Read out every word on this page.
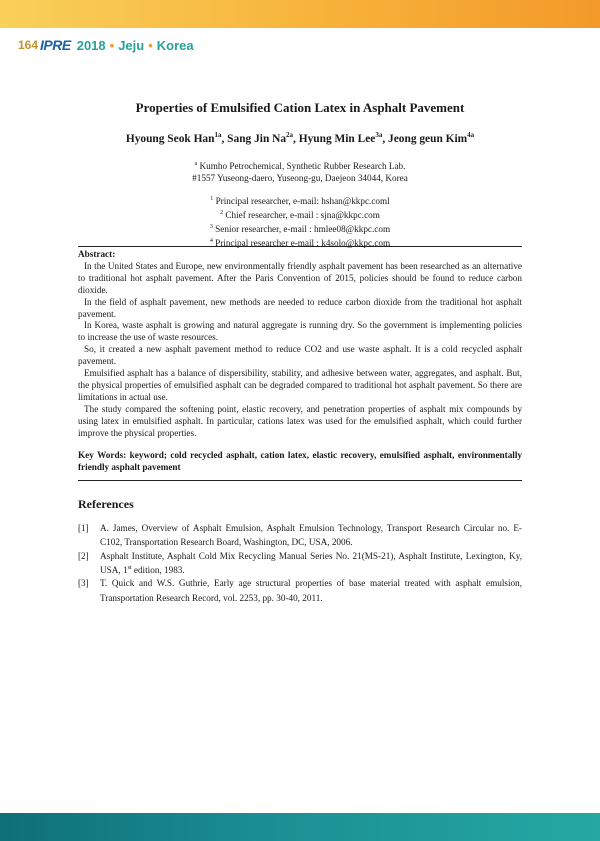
164 IPRE 2018 • Jeju • Korea
Properties of Emulsified Cation Latex in Asphalt Pavement
Hyoung Seok Han$^{1a}$, Sang Jin $Na^{2a}$, Hyung Min Lee$^{3a}$, Jeong geun Kim$^{4a}$
$^a$ Kumho Petrochemical, Synthetic Rubber Research Lab.
#1557 Yuseong-daero, Yuseong-gu, Daejeon 34044, Korea
$^1$ Principal researcher, e-mail: hshan@kkpc.coml
$^2$ Chief researcher, e-mail : sjna@kkpc.com
$^3$ Senior researcher, e-mail : hmlee08@kkpc.com
$^4$ Principal researcher e-mail : k4solo@kkpc.com
Abstract:

In the United States and Europe, new environmentally friendly asphalt pavement has been researched as an alternative to traditional hot asphalt pavement. After the Paris Convention of 2015, policies should be found to reduce carbon dioxide.

In the field of asphalt pavement, new methods are needed to reduce carbon dioxide from the traditional hot asphalt pavement.

In Korea, waste asphalt is growing and natural aggregate is running dry. So the government is implementing policies to increase the use of waste resources.

So, it created a new asphalt pavement method to reduce CO2 and use waste asphalt. It is a cold recycled asphalt pavement.

Emulsified asphalt has a balance of dispersibility, stability, and adhesive between water, aggregates, and asphalt. But, the physical properties of emulsified asphalt can be degraded compared to traditional hot asphalt pavement. So there are limitations in actual use.

The study compared the softening point, elastic recovery, and penetration properties of asphalt mix compounds by using latex in emulsified asphalt. In particular, cations latex was used for the emulsified asphalt, which could further improve the physical properties.

Key Words: keyword; cold recycled asphalt, cation latex, elastic recovery, emulsified asphalt, environmentally friendly asphalt pavement
References
[1]	A. James, Overview of Asphalt Emulsion, Asphalt Emulsion Technology, Transport Research Circular no. E-C102, Transportation Research Board, Washington, DC, USA, 2006.
[2]	Asphalt Institute, Asphalt Cold Mix Recycling Manual Series No. 21(MS-21), Asphalt Institute, Lexington, Ky, USA, 1st edition, 1983.
[3]	T. Quick and W.S. Guthrie, Early age structural properties of base material treated with asphalt emulsion, Transportation Research Record, vol. 2253, pp. 30-40, 2011.
